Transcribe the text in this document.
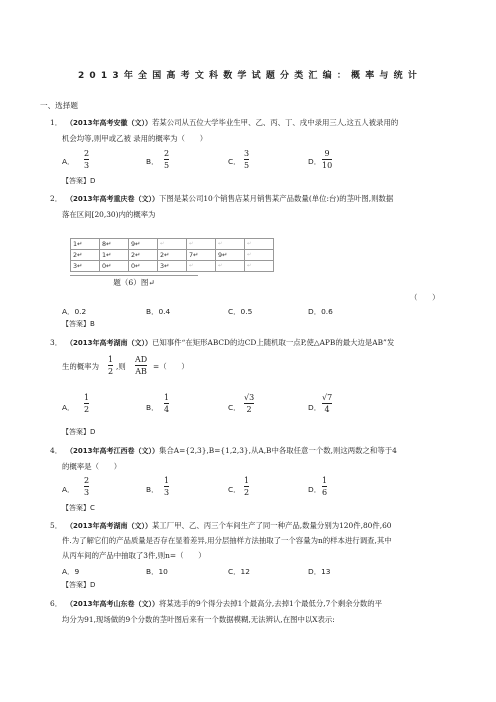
2013年全国高考文科数学试题分类汇编：概率与统计
一、选择题
1． （2013年高考安徽（文））若某公司从五位大学毕业生甲、乙、丙、丁、戌中录用三人,这五人被录用的
机会均等,则甲或乙被 录用的概率为（　　）
A．
2
3	B．
2
5	C．
3
5	D．
9
10
【答案】D
2． （2013年高考重庆卷（文））下图是某公司10个销售店某月销售某产品数量(单位:台)的茎叶图,则数据
落在区间[20,30)内的概率为
1↵	8↵	9↵	↵	↵	↵	↵
2↵	1↵	2↵	2↵	7↵	9↵	↵
3↵	0↵	0↵	3↵	↵	↵	↵
题（6）图↵
（　　）
A．0.2	B．0.4	C．0.5	D．0.6
【答案】B
3． （2013年高考湖南（文））已知事件“在矩形ABCD的边CD上随机取一点P,使△APB的最大边是AB”发
生的概率为
1
2
,则
AD
AB
=（　　）
A．
1
2	B．
1
4	C．
√3
2	D．
√7
4
【答案】D
4． （2013年高考江西卷（文））集合A={2,3},B={1,2,3},从A,B中各取任意一个数,则这两数之和等于4
的概率是（　　）
A．
2
3	B．
1
3	C．
1
2	D．
1
6
【答案】C
5． （2013年高考湖南（文））某工厂甲、乙、丙三个车间生产了同一种产品,数量分别为120件,80件,60
件.为了解它们的产品质量是否存在显着差异,用分层抽样方法抽取了一个容量为n的样本进行调查,其中
从丙车间的产品中抽取了3件,则n=（　　）
A．9	B．10	C．12	D．13
【答案】D
6． （2013年高考山东卷（文））将某选手的9个得分去掉1个最高分,去掉1个最低分,7个剩余分数的平
均分为91,现场做的9个分数的茎叶图后来有一个数据模糊,无法辨认,在图中以X表示:
